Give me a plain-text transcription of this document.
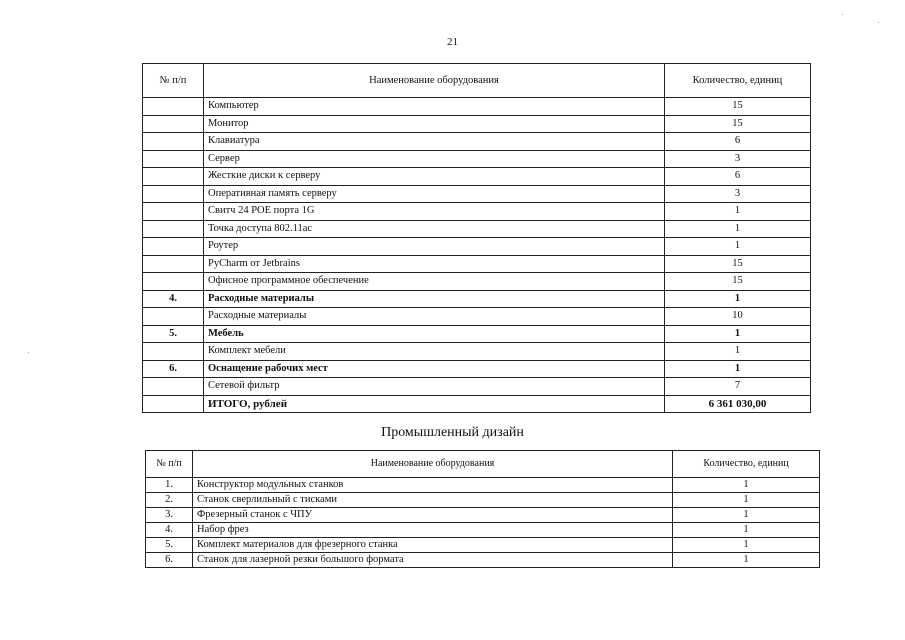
21
№ п/п	Наименование оборудования	Количество, единиц
	Компьютер	15
	Монитор	15
	Клавиатура	6
	Сервер	3
	Жесткие диски к серверу	6
	Оперативная память серверу	3
	Свитч 24 POE порта 1G	1
	Точка доступа 802.11ac	1
	Роутер	1
	PyCharm от Jetbrains	15
	Офисное программное обеспечение	15
4.	Расходные материалы	1
	Расходные материалы	10
5.	Мебель	1
	Комплект мебели	1
6.	Оснащение рабочих мест	1
	Сетевой фильтр	7
	ИТОГО, рублей	6 361 030,00
Промышленный дизайн
№ п/п	Наименование оборудования	Количество, единиц
1.	Конструктор модульных станков	1
2.	Станок сверлильный с тисками	1
3.	Фрезерный станок с ЧПУ	1
4.	Набор фрез	1
5.	Комплект материалов для фрезерного станка	1
6.	Станок для лазерной резки большого формата	1
